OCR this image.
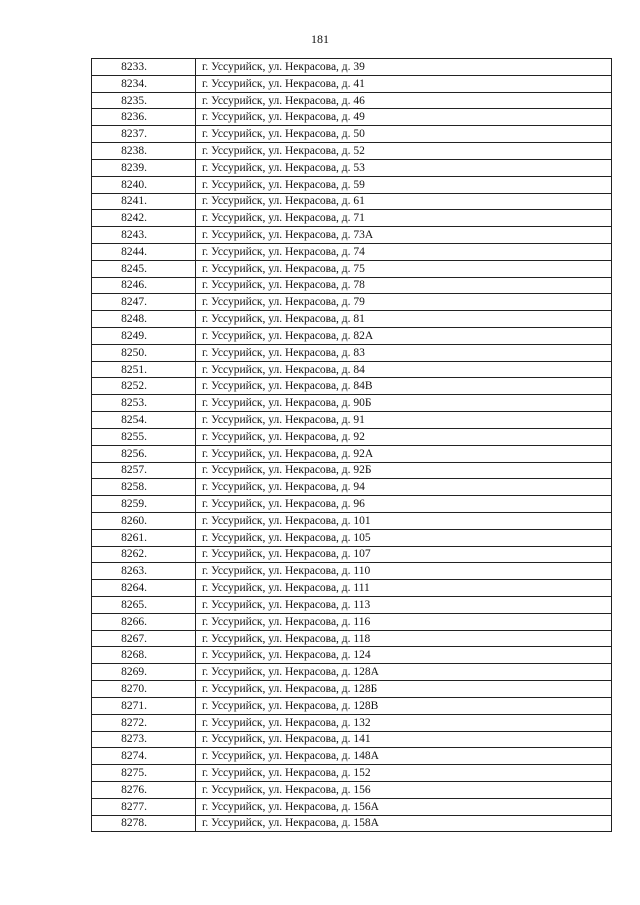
181
8233.	г. Уссурийск, ул. Некрасова, д. 39
8234.	г. Уссурийск, ул. Некрасова, д. 41
8235.	г. Уссурийск, ул. Некрасова, д. 46
8236.	г. Уссурийск, ул. Некрасова, д. 49
8237.	г. Уссурийск, ул. Некрасова, д. 50
8238.	г. Уссурийск, ул. Некрасова, д. 52
8239.	г. Уссурийск, ул. Некрасова, д. 53
8240.	г. Уссурийск, ул. Некрасова, д. 59
8241.	г. Уссурийск, ул. Некрасова, д. 61
8242.	г. Уссурийск, ул. Некрасова, д. 71
8243.	г. Уссурийск, ул. Некрасова, д. 73А
8244.	г. Уссурийск, ул. Некрасова, д. 74
8245.	г. Уссурийск, ул. Некрасова, д. 75
8246.	г. Уссурийск, ул. Некрасова, д. 78
8247.	г. Уссурийск, ул. Некрасова, д. 79
8248.	г. Уссурийск, ул. Некрасова, д. 81
8249.	г. Уссурийск, ул. Некрасова, д. 82А
8250.	г. Уссурийск, ул. Некрасова, д. 83
8251.	г. Уссурийск, ул. Некрасова, д. 84
8252.	г. Уссурийск, ул. Некрасова, д. 84В
8253.	г. Уссурийск, ул. Некрасова, д. 90Б
8254.	г. Уссурийск, ул. Некрасова, д. 91
8255.	г. Уссурийск, ул. Некрасова, д. 92
8256.	г. Уссурийск, ул. Некрасова, д. 92А
8257.	г. Уссурийск, ул. Некрасова, д. 92Б
8258.	г. Уссурийск, ул. Некрасова, д. 94
8259.	г. Уссурийск, ул. Некрасова, д. 96
8260.	г. Уссурийск, ул. Некрасова, д. 101
8261.	г. Уссурийск, ул. Некрасова, д. 105
8262.	г. Уссурийск, ул. Некрасова, д. 107
8263.	г. Уссурийск, ул. Некрасова, д. 110
8264.	г. Уссурийск, ул. Некрасова, д. 111
8265.	г. Уссурийск, ул. Некрасова, д. 113
8266.	г. Уссурийск, ул. Некрасова, д. 116
8267.	г. Уссурийск, ул. Некрасова, д. 118
8268.	г. Уссурийск, ул. Некрасова, д. 124
8269.	г. Уссурийск, ул. Некрасова, д. 128А
8270.	г. Уссурийск, ул. Некрасова, д. 128Б
8271.	г. Уссурийск, ул. Некрасова, д. 128В
8272.	г. Уссурийск, ул. Некрасова, д. 132
8273.	г. Уссурийск, ул. Некрасова, д. 141
8274.	г. Уссурийск, ул. Некрасова, д. 148А
8275.	г. Уссурийск, ул. Некрасова, д. 152
8276.	г. Уссурийск, ул. Некрасова, д. 156
8277.	г. Уссурийск, ул. Некрасова, д. 156А
8278.	г. Уссурийск, ул. Некрасова, д. 158А
